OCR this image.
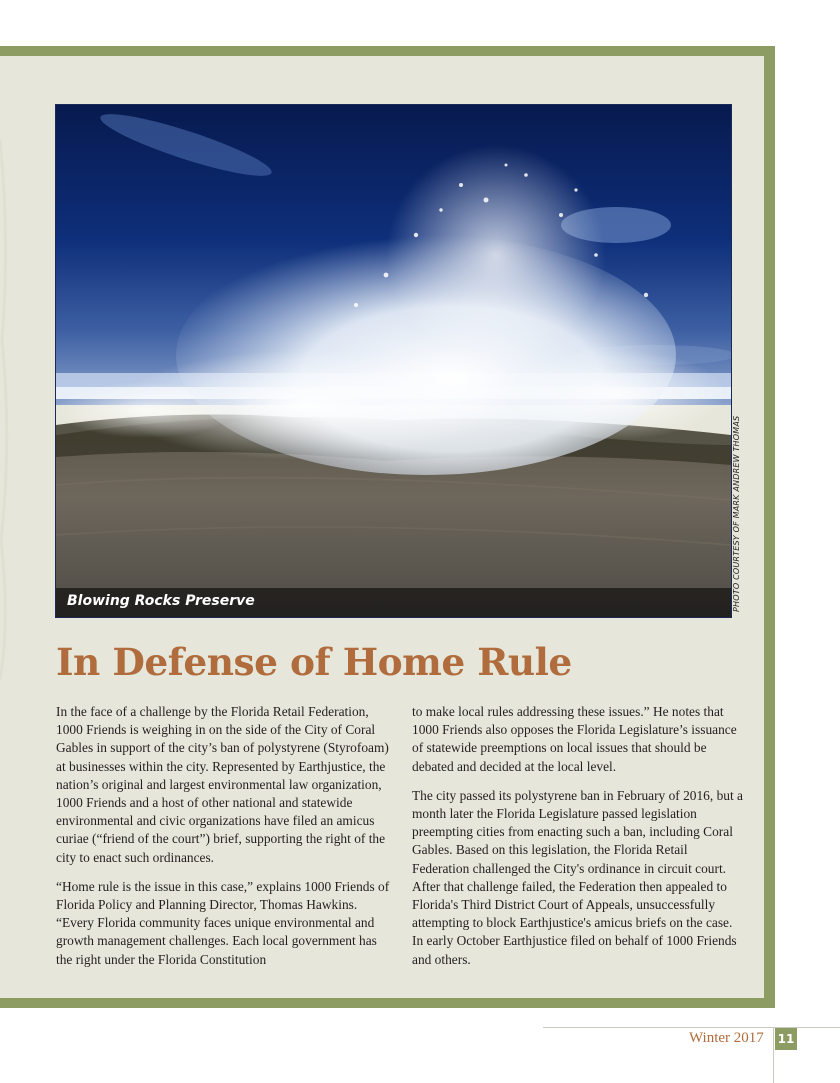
Blowing Rocks Preserve	PHOTO COURTESY OF MARK ANDREW THOMAS
In Defense of Home Rule

In the face of a challenge by the Florida Retail Federation, 1000 Friends is weighing in on the side of the City of Coral Gables in support of the city’s ban of polystyrene (Styrofoam) at businesses within the city. Represented by Earthjustice, the nation’s original and largest environmental law organization, 1000 Friends and a host of other national and statewide environmental and civic organizations have filed an amicus curiae (“friend of the court”) brief, supporting the right of the city to enact such ordinances.

“Home rule is the issue in this case,” explains 1000 Friends of Florida Policy and Planning Director, Thomas Hawkins. “Every Florida community faces unique environmental and growth management challenges. Each local government has the right under the Florida Constitution

to make local rules addressing these issues.” He notes that 1000 Friends also opposes the Florida Legislature’s issuance of statewide preemptions on local issues that should be debated and decided at the local level.

The city passed its polystyrene ban in February of 2016, but a month later the Florida Legislature passed legislation preempting cities from enacting such a ban, including Coral Gables. Based on this legislation, the Florida Retail Federation challenged the City's ordinance in circuit court. After that challenge failed, the Federation then appealed to Florida's Third District Court of Appeals, unsuccessfully attempting to block Earthjustice's amicus briefs on the case. In early October Earthjustice filed on behalf of 1000 Friends and others.

Winter 2017 11
